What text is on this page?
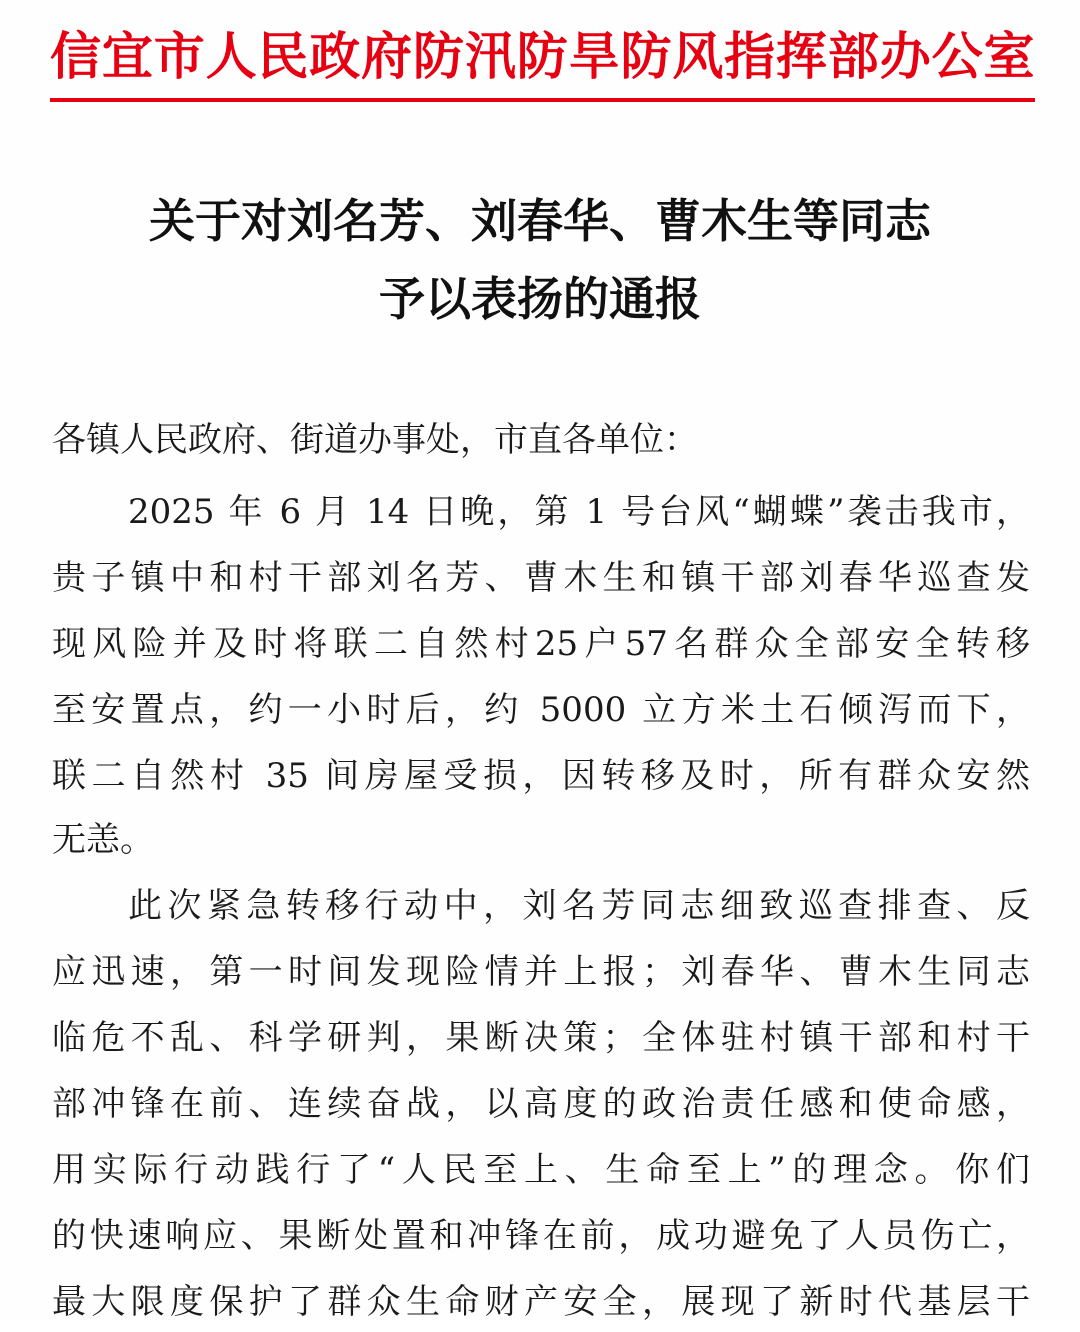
信宜市人民政府防汛防旱防风指挥部办公室
关于对刘名芳、刘春华、曹木生等同志
予以表扬的通报
各镇人民政府、街道办事处，市直各单位：
2025 年 6 月 14 日晚，第 1 号台风“蝴蝶”袭击我市，
贵子镇中和村干部刘名芳、曹木生和镇干部刘春华巡查发
现风险并及时将联二自然村25户57名群众全部安全转移
至安置点，约一小时后，约 5000 立方米土石倾泻而下，
联二自然村 35 间房屋受损，因转移及时，所有群众安然
无恙。
此次紧急转移行动中，刘名芳同志细致巡查排查、反
应迅速，第一时间发现险情并上报；刘春华、曹木生同志
临危不乱、科学研判，果断决策；全体驻村镇干部和村干
部冲锋在前、连续奋战，以高度的政治责任感和使命感，
用实际行动践行了“人民至上、生命至上”的理念。你们
的快速响应、果断处置和冲锋在前，成功避免了人员伤亡，
最大限度保护了群众生命财产安全，展现了新时代基层干
